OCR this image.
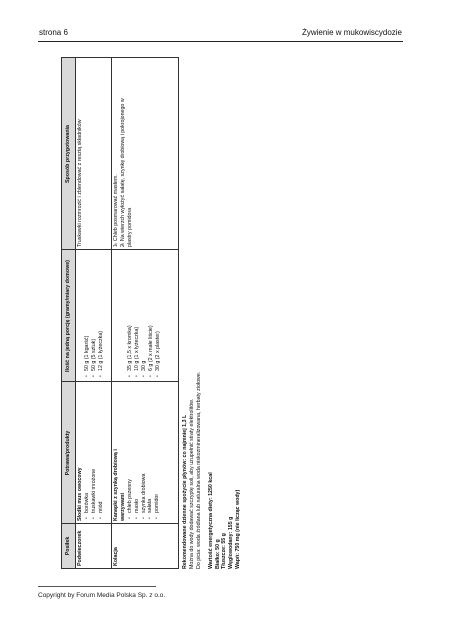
strona 6	Żywienie w mukowiscydozie
Posiłek
Potrawa/produkty
Ilość na jedną porcję (gramy/miary domowe)
Sposób przygotowania
Podwieczorek
Słodki mus owocowy • borówka • truskawki mrożone • miód
• 50 g (1 kgarść) • 50 g (5 sztuk) • 12 g (1 łyżeczka)
Truskawki rozmrozić i zblendować z resztą składników
Kolacja
Kanapki z szynką drobiową i warzywami • chleb pszenny • masło • szynka drobiowa • sałata • pomidor
• 35 g (1,5 x kromka) • 10 g (1 x łyżeczka) • 30 g • 6 g (2 x małe liście) • 30 g (2 x plaster)
• 1. Chleb posmarować masłem. • 2. Na wierzch wyłożyć sałatę, szynkę drobiową i pokrojonego w plastry pomidora

Rekomendowane dzienne spożycie płynów: co najmniej 1,3 L Można do wody dodawać szczyptę soli, aby uzupełnić straty elektrolitów. Do picia: woda źródlana lub naturalna woda niskozmineralizowana, herbaty ziołowe. Wartość energetyczna diety: 1250 kcal Białko: 50 g Tłuszcze: 55 g Węglowodany: 155 g Wapń: 750 mg (nie licząc wody)

Copyright by Forum Media Polska Sp. z o.o.
